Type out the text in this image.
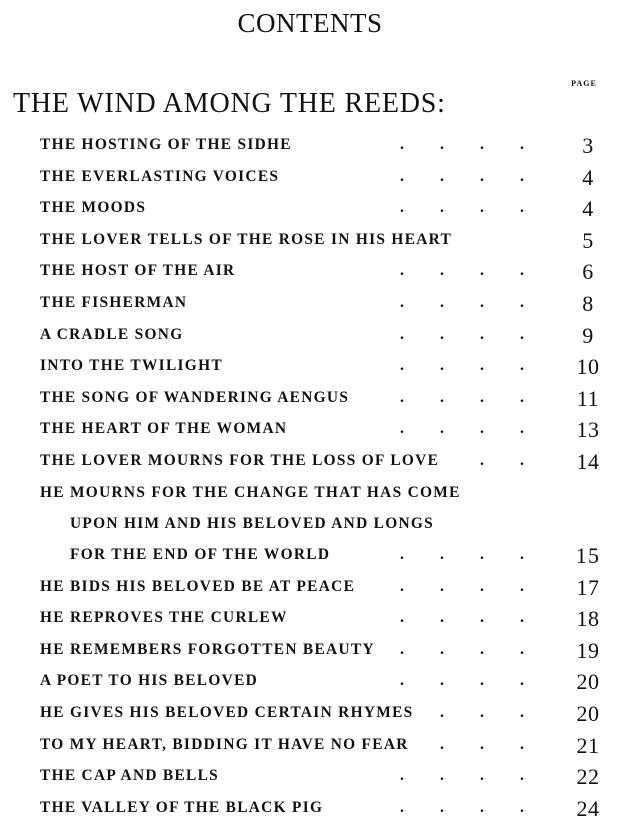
CONTENTS
PAGE
THE WIND AMONG THE REEDS:
THE HOSTING OF THE SIDHE	. . . .	3
THE EVERLASTING VOICES	. . . .	4
THE MOODS	. . . .	4
THE LOVER TELLS OF THE ROSE IN HIS HEART	5
THE HOST OF THE AIR	. . . .	6
THE FISHERMAN	. . . .	8
A CRADLE SONG	. . . .	9
INTO THE TWILIGHT	. . . .	10
THE SONG OF WANDERING AENGUS	. . . .	11
THE HEART OF THE WOMAN	. . . .	13
THE LOVER MOURNS FOR THE LOSS OF LOVE	. .	14
HE MOURNS FOR THE CHANGE THAT HAS COME
UPON HIM AND HIS BELOVED AND LONGS
FOR THE END OF THE WORLD	. . . .	15
HE BIDS HIS BELOVED BE AT PEACE	. . . .	17
HE REPROVES THE CURLEW	. . . .	18
HE REMEMBERS FORGOTTEN BEAUTY . . . .	19
A POET TO HIS BELOVED	. . . .	20
HE GIVES HIS BELOVED CERTAIN RHYMES . . .	20
TO MY HEART, BIDDING IT HAVE NO FEAR . . .	21
THE CAP AND BELLS	. . . .	22
THE VALLEY OF THE BLACK PIG	. . . .	24
